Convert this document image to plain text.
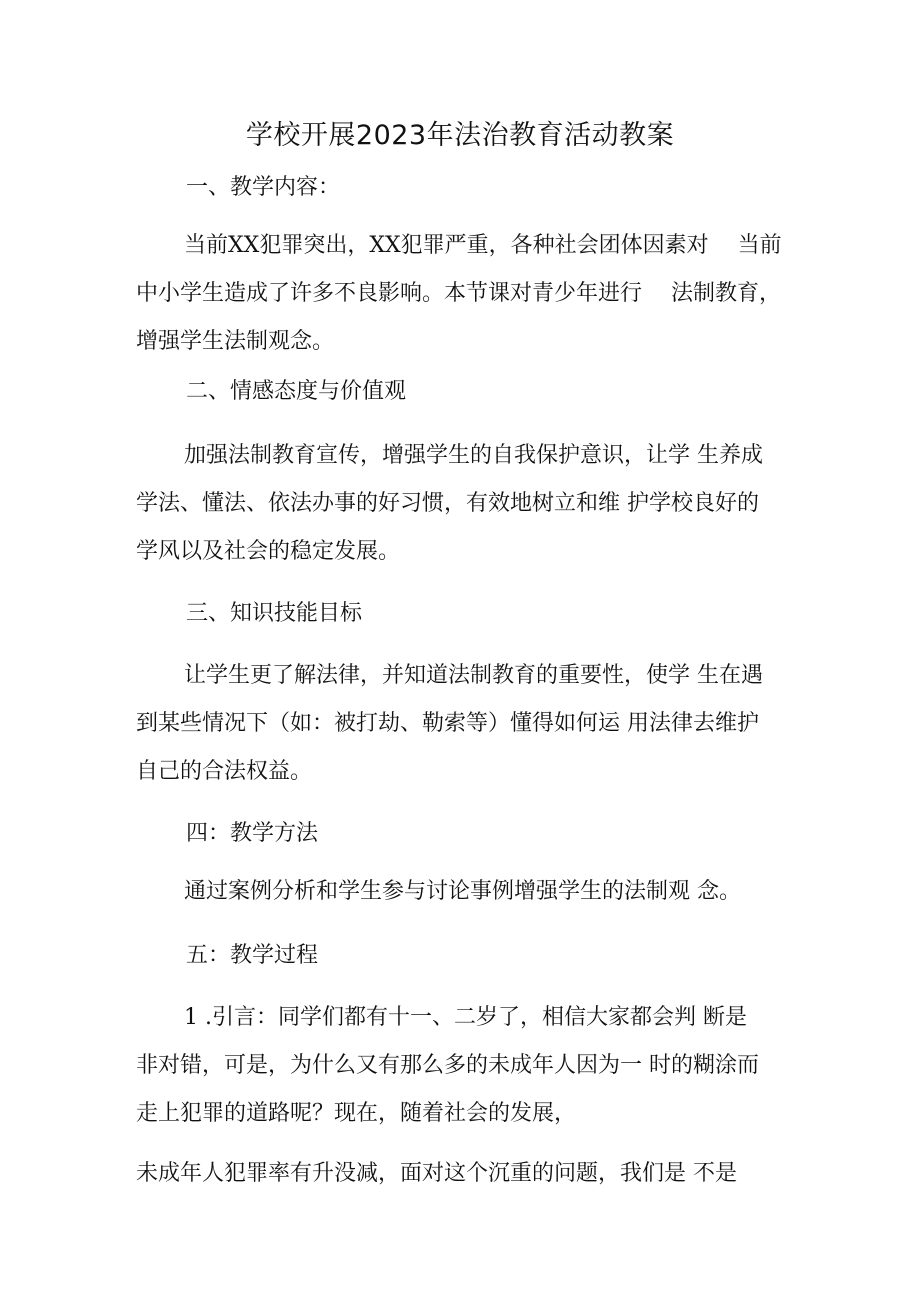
学校开展2023年法治教育活动教案
一、教学内容：
当前XX犯罪突出，XX犯罪严重，各种社会团体因素对　 当前
中小学生造成了许多不良影响。本节课对青少年进行　 法制教育，
增强学生法制观念。
二、情感态度与价值观
加强法制教育宣传，增强学生的自我保护意识，让学 生养成
学法、懂法、依法办事的好习惯，有效地树立和维 护学校良好的
学风以及社会的稳定发展。
三、知识技能目标
让学生更了解法律，并知道法制教育的重要性，使学 生在遇
到某些情况下（如：被打劫、勒索等）懂得如何运 用法律去维护
自己的合法权益。
四：教学方法
通过案例分析和学生参与讨论事例增强学生的法制观 念。
五：教学过程
1 .引言：同学们都有十一、二岁了，相信大家都会判 断是
非对错，可是，为什么又有那么多的未成年人因为一 时的糊涂而
走上犯罪的道路呢？现在，随着社会的发展，
未成年人犯罪率有升没减，面对这个沉重的问题，我们是 不是
